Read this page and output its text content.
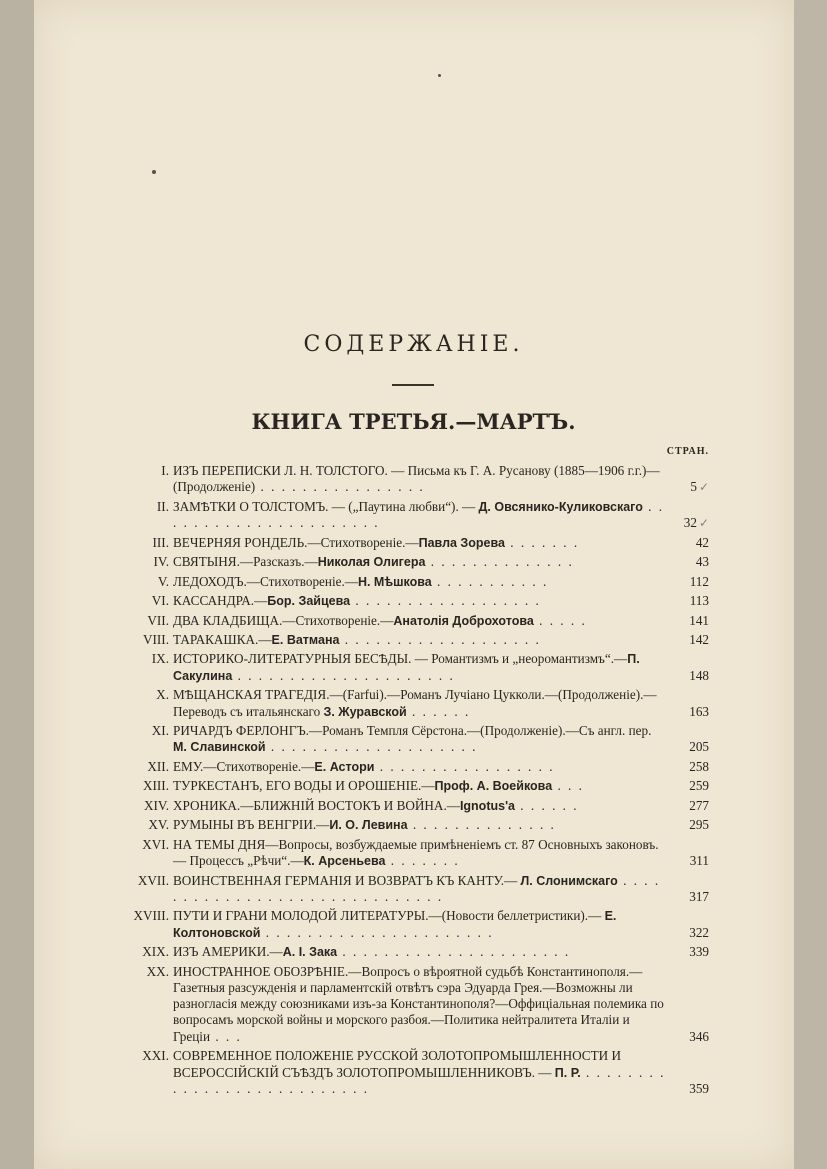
СОДЕРЖАНІЕ.
КНИГА ТРЕТЬЯ.—МАРТЪ.
СТРАН.
I. ИЗЪ ПЕРЕПИСКИ Л. Н. ТОЛСТОГО. — Письма къ Г. А. Русанову (1885—1906 г.г.)—(Продолженіе) . . . . . . . . . . . . . . . .	5 ✓
II. ЗАМѢТКИ О ТОЛСТОМЪ. — („Паутина любви“). — Д. Овсянико-Куликовскаго . . . . . . . . . . . . . . . . . . . . . .	32 ✓
III. ВЕЧЕРНЯЯ РОНДЕЛЬ.—Стихотвореніе.—Павла Зорева . . . . . . .	42
IV. СВЯТЫНЯ.—Разсказъ.—Николая Олигера . . . . . . . . . . . . . .	43
V. ЛЕДОХОДЪ.—Стихотвореніе.—Н. Мѣшкова . . . . . . . . . . .	112
VI. КАССАНДРА.—Бор. Зайцева . . . . . . . . . . . . . . . . . .	113
VII. ДВА КЛАДБИЩА.—Стихотвореніе.—Анатолія Доброхотова . . . . .	141
VIII. ТАРАКАШКА.—Е. Ватмана . . . . . . . . . . . . . . . . . . .	142
IX. ИСТОРИКО-ЛИТЕРАТУРНЫЯ БЕСѢДЫ. — Романтизмъ и „неоромантизмъ“.—П. Сакулина . . . . . . . . . . . . . . . . . . . . .	148
X. МѢЩАНСКАЯ ТРАГЕДІЯ.—(Farfui).—Романъ Лучіано Цукколи.—(Продолженіе).—Переводъ съ итальянскаго З. Журавской . . . . . .	163
XI. РИЧАРДЪ ФЕРЛОНГЪ.—Романъ Темпля Сёрстона.—(Продолженіе).—Съ англ. пер. М. Славинской . . . . . . . . . . . . . . . . . . . .	205
XII. ЕМУ.—Стихотвореніе.—Е. Астори . . . . . . . . . . . . . . . . .	258
XIII. ТУРКЕСТАНЪ, ЕГО ВОДЫ И ОРОШЕНІЕ.—Проф. А. Воейкова . . .	259
XIV. ХРОНИКА.—БЛИЖНІЙ ВОСТОКЪ И ВОЙНА.—Ignotus'a . . . . . .	277
XV. РУМЫНЫ ВЪ ВЕНГРІИ.—И. О. Левина . . . . . . . . . . . . . .	295
XVI. НА ТЕМЫ ДНЯ—Вопросы, возбуждаемые примѣненіемъ ст. 87 Основныхъ законовъ. — Процессъ „Рѣчи“.—К. Арсеньева . . . . . . .	311
XVII. ВОИНСТВЕННАЯ ГЕРМАНІЯ И ВОЗВРАТЪ КЪ КАНТУ.— Л. Слонимскаго . . . . . . . . . . . . . . . . . . . . . . . . . . . . . .	317
XVIII. ПУТИ И ГРАНИ МОЛОДОЙ ЛИТЕРАТУРЫ.—(Новости беллетристики).— Е. Колтоновской . . . . . . . . . . . . . . . . . . . . . .	322
XIX. ИЗЪ АМЕРИКИ.—А. І. Зака . . . . . . . . . . . . . . . . . . . . . .	339
XX. ИНОСТРАННОЕ ОБОЗРѢНІЕ.—Вопросъ о вѣроятной судьбѣ Константинополя.—Газетныя разсужденія и парламентскій отвѣтъ сэра Эдуарда Грея.—Возможны ли разногласія между союзниками изъ-за Константинополя?—Оффиціальная полемика по вопросамъ морской войны и морского разбоя.—Политика нейтралитета Италіи и Греціи . . .	346
XXI. СОВРЕМЕННОЕ ПОЛОЖЕНІЕ РУССКОЙ ЗОЛОТОПРОМЫШЛЕННОСТИ И ВСЕРОССІЙСКІЙ СЪѢЗДЪ ЗОЛОТОПРОМЫШЛЕННИКОВЪ. — П. Р. . . . . . . . . . . . . . . . . . . . . . . . . . . .	359
